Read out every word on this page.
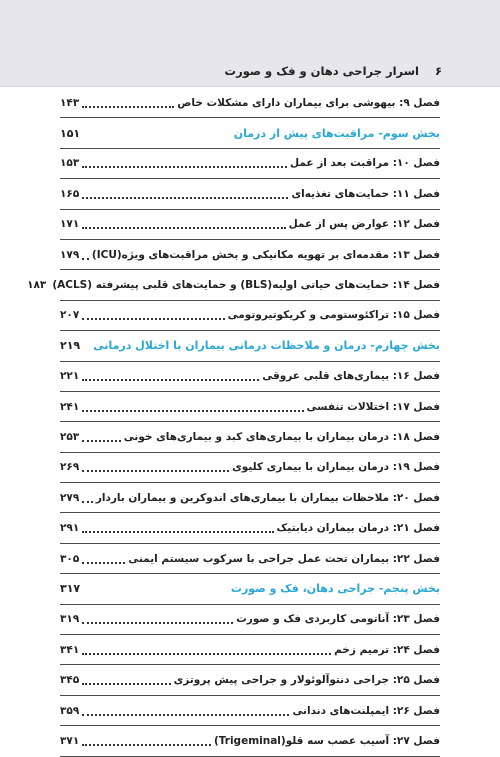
۶    اسرار جراحی دهان و فک و صورت
فصل ۹: بیهوشی برای بیماران دارای مشکلات خاص
۱۴۳
بخش سوم- مراقبت‌های پیش از درمان
۱۵۱
فصل ۱۰: مراقبت بعد از عمل
۱۵۳
فصل ۱۱: حمایت‌های تغذیه‌ای
۱۶۵
فصل ۱۲: عوارض پس از عمل
۱۷۱
فصل ۱۳: مقدمه‌ای بر تهویه مکانیکی و بخش مراقبت‌های ویژه(ICU)
۱۷۹
فصل ۱۴: حمایت‌های حیاتی اولیه(BLS) و حمایت‌های قلبی پیشرفته (ACLS)
۱۸۳
فصل ۱۵: تراکئوستومی و کریکوتیروتومی
۲۰۷
بخش چهارم- درمان و ملاحظات درمانی بیماران با اختلال درمانی
۲۱۹
فصل ۱۶: بیماری‌های قلبی عروقی
۲۲۱
فصل ۱۷: اختلالات تنفسی
۲۴۱
فصل ۱۸: درمان بیماران با بیماری‌های کبد و بیماری‌های خونی
۲۵۳
فصل ۱۹: درمان بیماران با بیماری کلیوی
۲۶۹
فصل ۲۰: ملاحظات بیماران با بیماری‌های اندوکرین و بیماران باردار
۲۷۹
فصل ۲۱: درمان بیماران دیابتیک
۲۹۱
فصل ۲۲: بیماران تحت عمل جراحی با سرکوب سیستم ایمنی
۳۰۵
بخش پنجم- جراحی دهان، فک و صورت
۳۱۷
فصل ۲۳: آناتومی کاربردی فک و صورت
۳۱۹
فصل ۲۴: ترمیم زخم
۳۴۱
فصل ۲۵: جراحی دنتوآلوئولار و جراحی پیش پروتزی
۳۴۵
فصل ۲۶: ایمپلنت‌های دندانی
۳۵۹
فصل ۲۷: آسیب عصب سه قلو(Trigeminal)
۳۷۱
